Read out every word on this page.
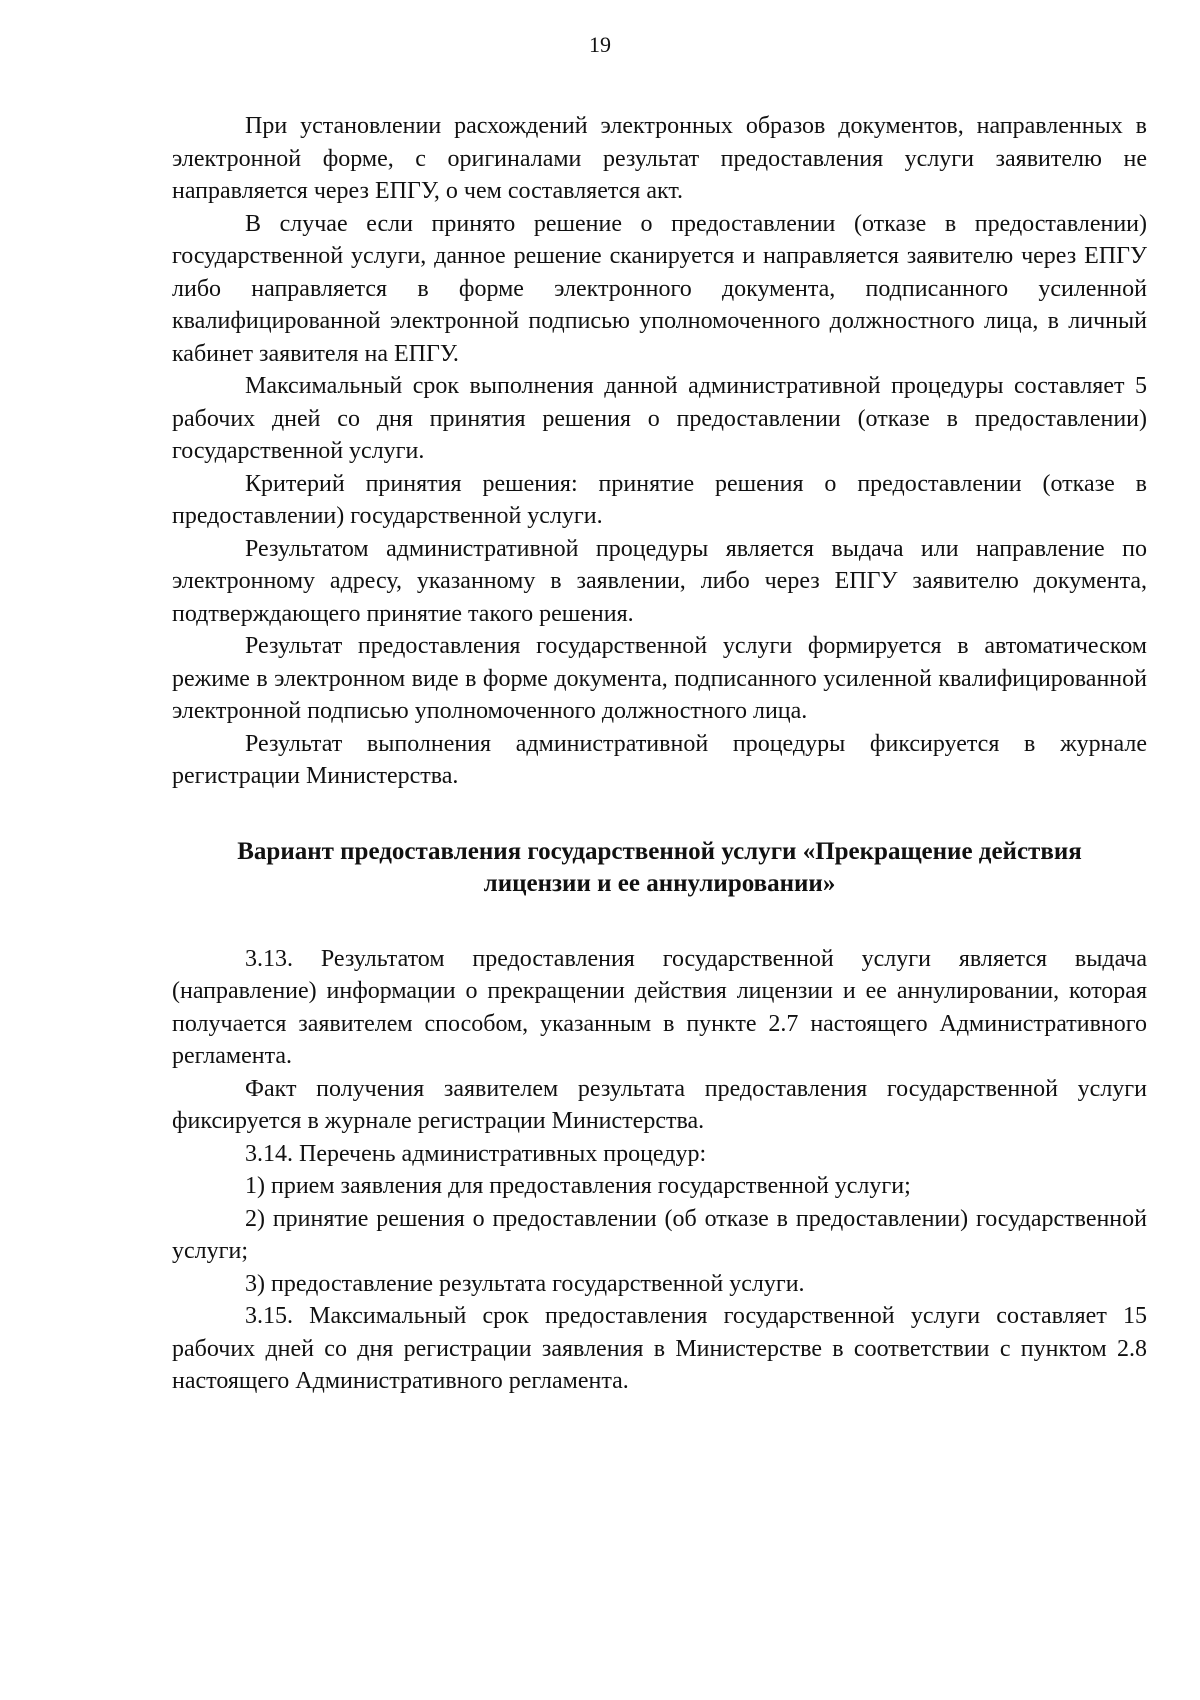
19

При установлении расхождений электронных образов документов, направленных в электронной форме, с оригиналами результат предоставления услуги заявителю не направляется через ЕПГУ, о чем составляется акт.

В случае если принято решение о предоставлении (отказе в предоставлении) государственной услуги, данное решение сканируется и направляется заявителю через ЕПГУ либо направляется в форме электронного документа, подписанного усиленной квалифицированной электронной подписью уполномоченного должностного лица, в личный кабинет заявителя на ЕПГУ.

Максимальный срок выполнения данной административной процедуры составляет 5 рабочих дней со дня принятия решения о предоставлении (отказе в предоставлении) государственной услуги.

Критерий принятия решения: принятие решения о предоставлении (отказе в предоставлении) государственной услуги.

Результатом административной процедуры является выдача или направление по электронному адресу, указанному в заявлении, либо через ЕПГУ заявителю документа, подтверждающего принятие такого решения.

Результат предоставления государственной услуги формируется в автоматическом режиме в электронном виде в форме документа, подписанного усиленной квалифицированной электронной подписью уполномоченного должностного лица.

Результат выполнения административной процедуры фиксируется в журнале регистрации Министерства.

Вариант предоставления государственной услуги «Прекращение действия
лицензии и ее аннулировании»

3.13. Результатом предоставления государственной услуги является выдача (направление) информации о прекращении действия лицензии и ее аннулировании, которая получается заявителем способом, указанным в пункте 2.7 настоящего Административного регламента.

Факт получения заявителем результата предоставления государственной услуги фиксируется в журнале регистрации Министерства.

3.14. Перечень административных процедур:

1) прием заявления для предоставления государственной услуги;

2) принятие решения о предоставлении (об отказе в предоставлении) государственной услуги;

3) предоставление результата государственной услуги.

3.15. Максимальный срок предоставления государственной услуги составляет 15 рабочих дней со дня регистрации заявления в Министерстве в соответствии с пунктом 2.8 настоящего Административного регламента.
